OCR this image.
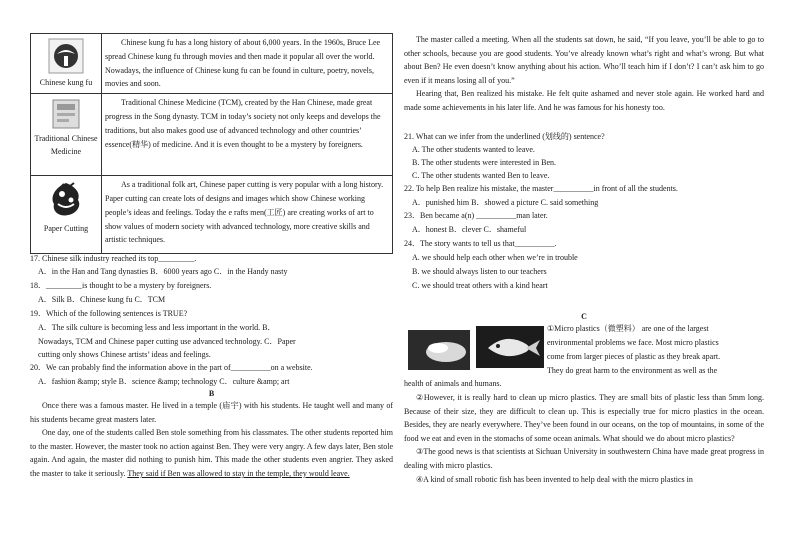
Chinese kung fu	Chinese kung fu has a long history of about 6,000 years. In the 1960s, Bruce Lee spread Chinese kung fu through movies and then made it popular all over the world. Nowadays, the influence of Chinese kung fu can be found in culture, poetry, novels, movies and soon.

Traditional Chinese Medicine	Traditional Chinese Medicine (TCM), created by the Han Chinese, made great progress in the Song dynasty. TCM in today’s society not only keeps and develops the traditions, but also makes good use of advanced technology and other countries’ essence(精华) of medicine. And it is even thought to be a mystery by foreigners.

Paper Cutting	As a traditional folk art, Chinese paper cutting is very popular with a long history. Paper cutting can create lots of designs and images which show Chinese working people’s ideas and feelings. Today the e rafts men(工匠) are creating works of art to show values of modern society with advanced technology, more creative skills and artistic techniques.
17. Chinese silk industry reached its top_________.
A．in the Han and Tang dynasties B．6000 years ago C．in the Handy nasty
18．_________is thought to be a mystery by foreigners.
A．Silk B．Chinese kung fu C．TCM
19．Which of the following sentences is TRUE?
A．The silk culture is becoming less and less important in the world. B．
Nowadays, TCM and Chinese paper cutting use advanced technology. C．Paper
cutting only shows Chinese artists’ ideas and feelings.
20．We can probably find the information above in the part of__________on a website.
A．fashion &amp; style B．science &amp; technology C．culture &amp; art
B
Once there was a famous master. He lived in a temple (庙宇) with his students. He taught well and many of his students became great masters later.
One day, one of the students called Ben stole something from his classmates. The other students reported him to the master. However, the master took no action against Ben. They were very angry. A few days later, Ben stole again. And again, the master did nothing to punish him. This made the other students even angrier. They asked the master to take it seriously. They said if Ben was allowed to stay in the temple, they would leave.
The master called a meeting. When all the students sat down, he said, “If you leave, you’ll be able to go to other schools, because you are good students. You’ve already known what’s right and what’s wrong. But what about Ben? He even doesn’t know anything about his action. Who’ll teach him if I don’t? I can’t ask him to go even if it means losing all of you.”
Hearing that, Ben realized his mistake. He felt quite ashamed and never stole again. He worked hard and made some achievements in his later life. And he was famous for his honesty too.
21. What can we infer from the underlined (划线的) sentence?
A. The other students wanted to leave.
B. The other students were interested in Ben.
C. The other students wanted Ben to leave.
22. To help Ben realize his mistake, the master__________in front of all the students.
A．punished him B．showed a picture C. said something
23．Ben became a(n) __________man later.
A．honest B．clever C．shameful
24．The story wants to tell us that__________.
A. we should help each other when we’re in trouble
B. we should always listen to our teachers
C. we should treat others with a kind heart
C
①Micro plastics（微塑料） are one of the largest
environmental problems we face. Most micro plastics
come from larger pieces of plastic as they break apart.
They do great harm to the environment as well as the
health of animals and humans.
②However, it is really hard to clean up micro plastics. They are small bits of plastic less than 5mm long. Because of their size, they are difficult to clean up. This is especially true for micro plastics in the ocean. Besides, they are nearly everywhere. They’ve been found in our oceans, on the top of mountains, in some of the food we eat and even in the stomachs of some ocean animals. What should we do about micro plastics?
③The good news is that scientists at Sichuan University in southwestern China have made great progress in dealing with micro plastics.
④A kind of small robotic fish has been invented to help deal with the micro plastics in
